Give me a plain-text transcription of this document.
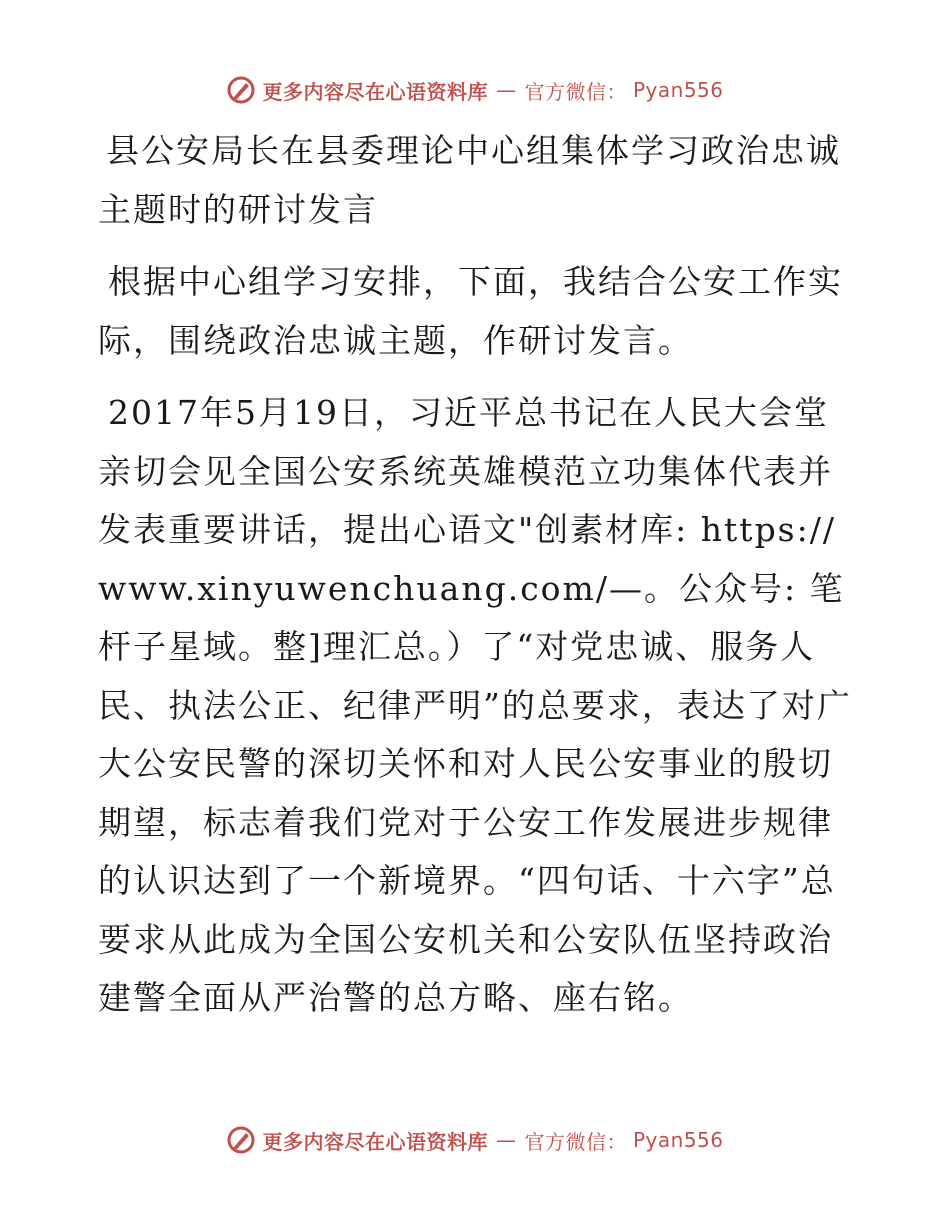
更多内容尽在心语资料库 — 官方微信： Pyan556

县公安局长在县委理论中心组集体学习政治忠诚主题时的研讨发言

根据中心组学习安排，下面，我结合公安工作实际，围绕政治忠诚主题，作研讨发言。

2017年5月19日，习近平总书记在人民大会堂亲切会见全国公安系统英雄模范立功集体代表并发表重要讲话，提出心语文"创素材库: https://www.xinyuwenchuang.com/—。公众号: 笔杆子星域。整]理汇总。）了“对党忠诚、服务人民、执法公正、纪律严明”的总要求，表达了对广大公安民警的深切关怀和对人民公安事业的殷切期望，标志着我们党对于公安工作发展进步规律的认识达到了一个新境界。“四句话、十六字”总要求从此成为全国公安机关和公安队伍坚持政治建警全面从严治警的总方略、座右铭。

更多内容尽在心语资料库 — 官方微信： Pyan556
